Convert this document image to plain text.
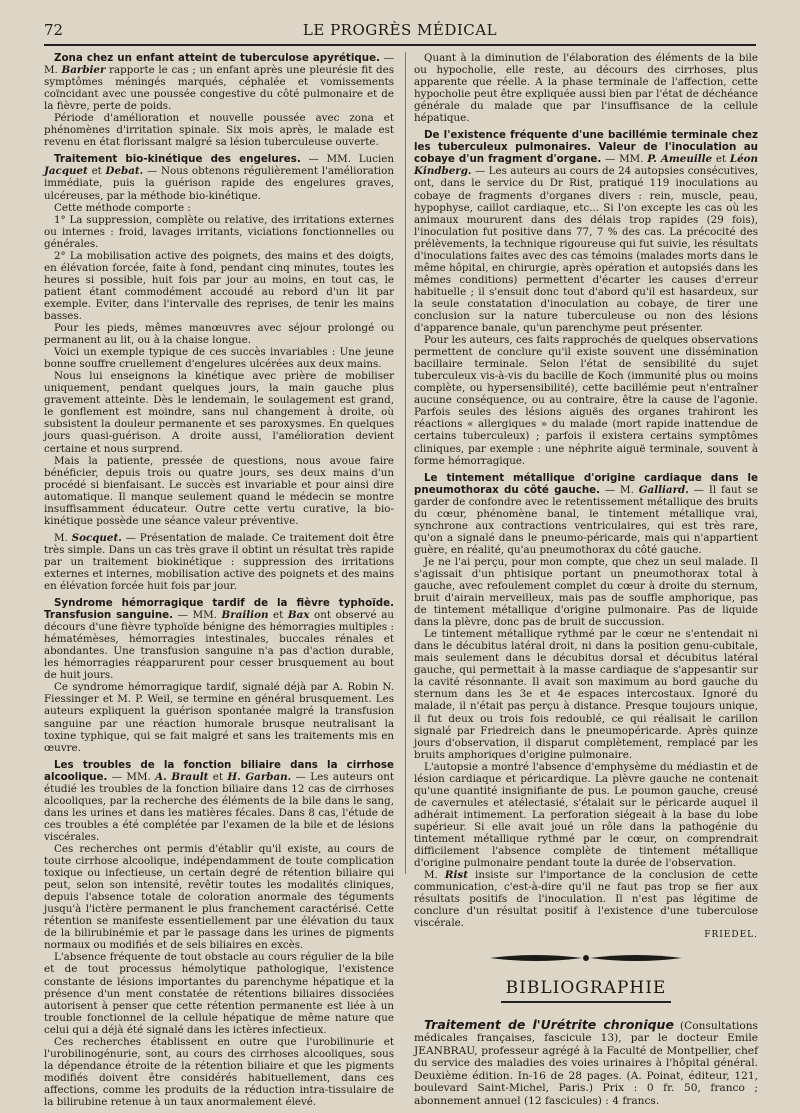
72	LE PROGRÈS MÉDICAL

Zona chez un enfant atteint de tuberculose apyrétique. — M. Barbier rapporte le cas ; un enfant après une pleurésie fit des symptômes méningés marqués, céphalée et vomissements coïncidant avec une poussée congestive du côté pulmonaire et de la fièvre, perte de poids.

Période d'amélioration et nouvelle poussée avec zona et phénomènes d'irritation spinale. Six mois après, le malade est revenu en état florissant malgré sa lésion tuberculeuse ouverte.

Traitement bio-kinétique des engelures. — MM. Lucien Jacquet et Debat. — Nous obtenons régulièrement l'amélioration immédiate, puis la guérison rapide des engelures graves, ulcéreuses, par la méthode bio-kinétique.

Cette méthode comporte :

1° La suppression, complète ou relative, des irritations externes ou internes : froid, lavages irritants, viciations fonctionnelles ou générales.

2° La mobilisation active des poignets, des mains et des doigts, en élévation forcée, faite à fond, pendant cinq minutes, toutes les heures si possible, huit fois par jour au moins, en tout cas, le patient étant commodément accoudé au rebord d'un lit par exemple. Eviter, dans l'intervalle des reprises, de tenir les mains basses.

Pour les pieds, mêmes manœuvres avec séjour prolongé ou permanent au lit, ou à la chaise longue.

Voici un exemple typique de ces succès invariables : Une jeune bonne souffre cruellement d'engelures ulcérées aux deux mains.

Nous lui enseignons la kinétique avec prière de mobiliser uniquement, pendant quelques jours, la main gauche plus gravement atteinte. Dès le lendemain, le soulagement est grand, le gonflement est moindre, sans nul changement à droite, où subsistent la douleur permanente et ses paroxysmes. En quelques jours quasi-guérison. A droite aussi, l'amélioration devient certaine et nous surprend.

Mais la patiente, pressée de questions, nous avoue faire bénéficier, depuis trois ou quatre jours, ses deux mains d'un procédé si bienfaisant. Le succès est invariable et pour ainsi dire automatique. Il manque seulement quand le médecin se montre insuffisamment éducateur. Outre cette vertu curative, la bio-kinétique possède une séance valeur préventive.

M. Socquet. — Présentation de malade. Ce traitement doit être très simple. Dans un cas très grave il obtint un résultat très rapide par un traitement biokinétique : suppression des irritations externes et internes, mobilisation active des poignets et des mains en élévation forcée huit fois par jour.

Syndrome hémorragique tardif de la fièvre typhoïde. Transfusion sanguine. — MM. Brailion et Bax ont observé au décours d'une fièvre typhoïde bénigne des hémorragies multiples : hématémèses, hémorragies intestinales, buccales rénales et abondantes. Une transfusion sanguine n'a pas d'action durable, les hémorragies réapparurent pour cesser brusquement au bout de huit jours.

Ce syndrome hémorragique tardif, signalé déjà par A. Robin N. Fiessinger et M. P. Weil, se termine en général brusquement. Les auteurs expliquent la guérison spontanée malgré la transfusion sanguine par une réaction humorale brusque neutralisant la toxine typhique, qui se fait malgré et sans les traitements mis en œuvre.

Les troubles de la fonction biliaire dans la cirrhose alcoolique. — MM. A. Brault et H. Garban. — Les auteurs ont étudié les troubles de la fonction biliaire dans 12 cas de cirrhoses alcooliques, par la recherche des éléments de la bile dans le sang, dans les urines et dans les matières fécales. Dans 8 cas, l'étude de ces troubles a été complétée par l'examen de la bile et de lésions viscérales.

Ces recherches ont permis d'établir qu'il existe, au cours de toute cirrhose alcoolique, indépendamment de toute complication toxique ou infectieuse, un certain degré de rétention biliaire qui peut, selon son intensité, revêtir toutes les modalités cliniques, depuis l'absence totale de coloration anormale des téguments jusqu'à l'ictère permanent le plus franchement caractérisé. Cette rétention se manifeste essentiellement par une élévation du taux de la bilirubinémie et par le passage dans les urines de pigments normaux ou modifiés et de sels biliaires en excès.

L'absence fréquente de tout obstacle au cours régulier de la bile et de tout processus hémolytique pathologique, l'existence constante de lésions importantes du parenchyme hépatique et la présence d'un ment constatée de rétentions biliaires dissociées autorisent à penser que cette rétention permanente est liée à un trouble fonctionnel de la cellule hépatique de même nature que celui qui a déjà été signalé dans les ictères infectieux.

Ces recherches établissent en outre que l'urobilinurie et l'urobilinogénurie, sont, au cours des cirrhoses alcooliques, sous la dépendance étroite de la rétention biliaire et que les pigments modifiés doivent être considérés habituellement, dans ces affections, comme les produits de la réduction intra-tissulaire de la bilirubine retenue à un taux anormalement élevé.

Quant à la diminution de l'élaboration des éléments de la bile ou hypocholie, elle reste, au décours des cirrhoses, plus apparente que réelle. A la phase terminale de l'affection, cette hypocholie peut être expliquée aussi bien par l'état de déchéance générale du malade que par l'insuffisance de la cellule hépatique.

De l'existence fréquente d'une bacillémie terminale chez les tuberculeux pulmonaires. Valeur de l'inoculation au cobaye d'un fragment d'organe. — MM. P. Ameuille et Léon Kindberg. — Les auteurs au cours de 24 autopsies consécutives, ont, dans le service du Dr Rist, pratiqué 119 inoculations au cobaye de fragments d'organes divers : rein, muscle, peau, hypophyse, caillot cardiaque, etc... Si l'on excepte les cas où les animaux moururent dans des délais trop rapides (29 fois), l'inoculation fut positive dans 77, 7 % des cas. La précocité des prélèvements, la technique rigoureuse qui fut suivie, les résultats d'inoculations faites avec des cas témoins (malades morts dans le même hôpital, en chirurgie, après opération et autopsiés dans les mêmes conditions) permettent d'écarter les causes d'erreur habituelle ; il s'ensuit donc tout d'abord qu'il est hasardeux, sur la seule constatation d'inoculation au cobaye, de tirer une conclusion sur la nature tuberculeuse ou non des lésions d'apparence banale, qu'un parenchyme peut présenter.

Pour les auteurs, ces faits rapprochés de quelques observations permettent de conclure qu'il existe souvent une dissémination bacillaire terminale. Selon l'état de sensibilité du sujet tuberculeux vis-à-vis du bacille de Koch (immunité plus ou moins complète, ou hypersensibilité), cette bacillémie peut n'entraîner aucune conséquence, ou au contraire, être la cause de l'agonie. Parfois seules des lésions aiguës des organes trahiront les réactions « allergiques » du malade (mort rapide inattendue de certains tuberculeux) ; parfois il existera certains symptômes cliniques, par exemple : une néphrite aiguë terminale, souvent à forme hémorragique.

Le tintement métallique d'origine cardiaque dans le pneumothorax du côté gauche. — M. Galliard. — Il faut se garder de confondre avec le retentissement métallique des bruits du cœur, phénomène banal, le tintement métallique vrai, synchrone aux contractions ventriculaires, qui est très rare, qu'on a signalé dans le pneumo-péricarde, mais qui n'appartient guère, en réalité, qu'au pneumothorax du côté gauche.

Je ne l'ai perçu, pour mon compte, que chez un seul malade. Il s'agissait d'un phtisique portant un pneumothorax total à gauche, avec refoulement complet du cœur à droite du sternum, bruit d'airain merveilleux, mais pas de souffle amphorique, pas de tintement métallique d'origine pulmonaire. Pas de liquide dans la plèvre, donc pas de bruit de succussion.

Le tintement métallique rythmé par le cœur ne s'entendait ni dans le décubitus latéral droit, ni dans la position genu-cubitale, mais seulement dans le décubitus dorsal et décubitus latéral gauche, qui permettait à la masse cardiaque de s'appesantir sur la cavité résonnante. Il avait son maximum au bord gauche du sternum dans les 3e et 4e espaces intercostaux. Ignoré du malade, il n'était pas perçu à distance. Presque toujours unique, il fut deux ou trois fois redoublé, ce qui réalisait le carillon signalé par Friedreich dans le pneumopéricarde. Après quinze jours d'observation, il disparut complètement, remplacé par les bruits amphoriques d'origine pulmonaire.

L'autopsie a montré l'absence d'emphysème du médiastin et de lésion cardiaque et péricardique. La plèvre gauche ne contenait qu'une quantité insignifiante de pus. Le poumon gauche, creusé de cavernules et atélectasié, s'étalait sur le péricarde auquel il adhérait intimement. La perforation siégeait à la base du lobe supérieur. Si elle avait joué un rôle dans la pathogénie du tintement métallique rythmé par le cœur, on comprendrait difficilement l'absence complète de tintement métallique d'origine pulmonaire pendant toute la durée de l'observation.

M. Rist insiste sur l'importance de la conclusion de cette communication, c'est-à-dire qu'il ne faut pas trop se fier aux résultats positifs de l'inoculation. Il n'est pas légitime de conclure d'un résultat positif à l'existence d'une tuberculose viscérale.

FRIEDEL.
BIBLIOGRAPHIE

Traitement de l'Urétrite chronique (Consultations médicales françaises, fascicule 13), par le docteur Emile JEANBRAU, professeur agrégé à la Faculté de Montpellier, chef du service des maladies des voies urinaires à l'hôpital général. Deuxième édition. In-16 de 28 pages. (A. Poinat, éditeur, 121, boulevard Saint-Michel, Paris.) Prix : 0 fr. 50, franco ; abonnement annuel (12 fascicules) : 4 francs.
